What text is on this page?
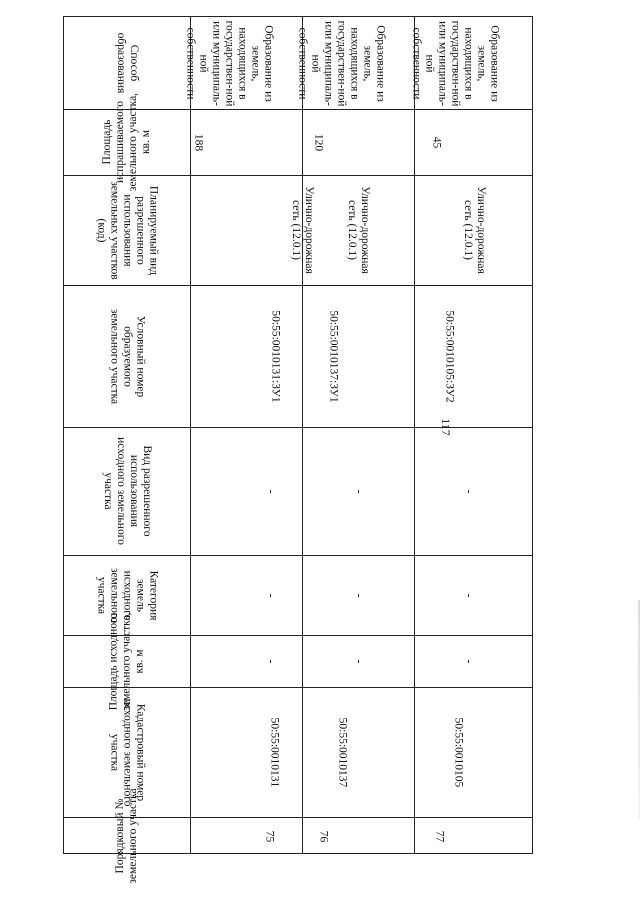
117
Способ образования
Площадь испрашиваемого земельного участка, кв. м
Планируемый вид разрешенного использования земельных участков (код)
Условный номер образуемого земельного участка
Вид разрешенного использования исходного земельного участка
Категория земель исходного земельного участка
Площадь исходного земельного участка, кв. м
Кадастровый номер исходного земельного участка
Порядковый № земельного участка
Образование из земель, находящихся в государствен-ной или муниципаль-ной собственности
188
Улично-дорожная сеть (12.0.1)
50:55:0010131:ЗУ1
-
-
-
50:55:0010131
75
Образование из земель, находящихся в государствен-ной или муниципаль-ной собственности
120
Улично-дорожная сеть (12.0.1)
50:55:0010137:ЗУ1
-
-
-
50:55:0010137
76
Образование из земель, находящихся в государствен-ной или муниципаль-ной собственности
45
Улично-дорожная сеть (12.0.1)
50:55:0010105:ЗУ2
-
-
-
50:55:0010105
77
